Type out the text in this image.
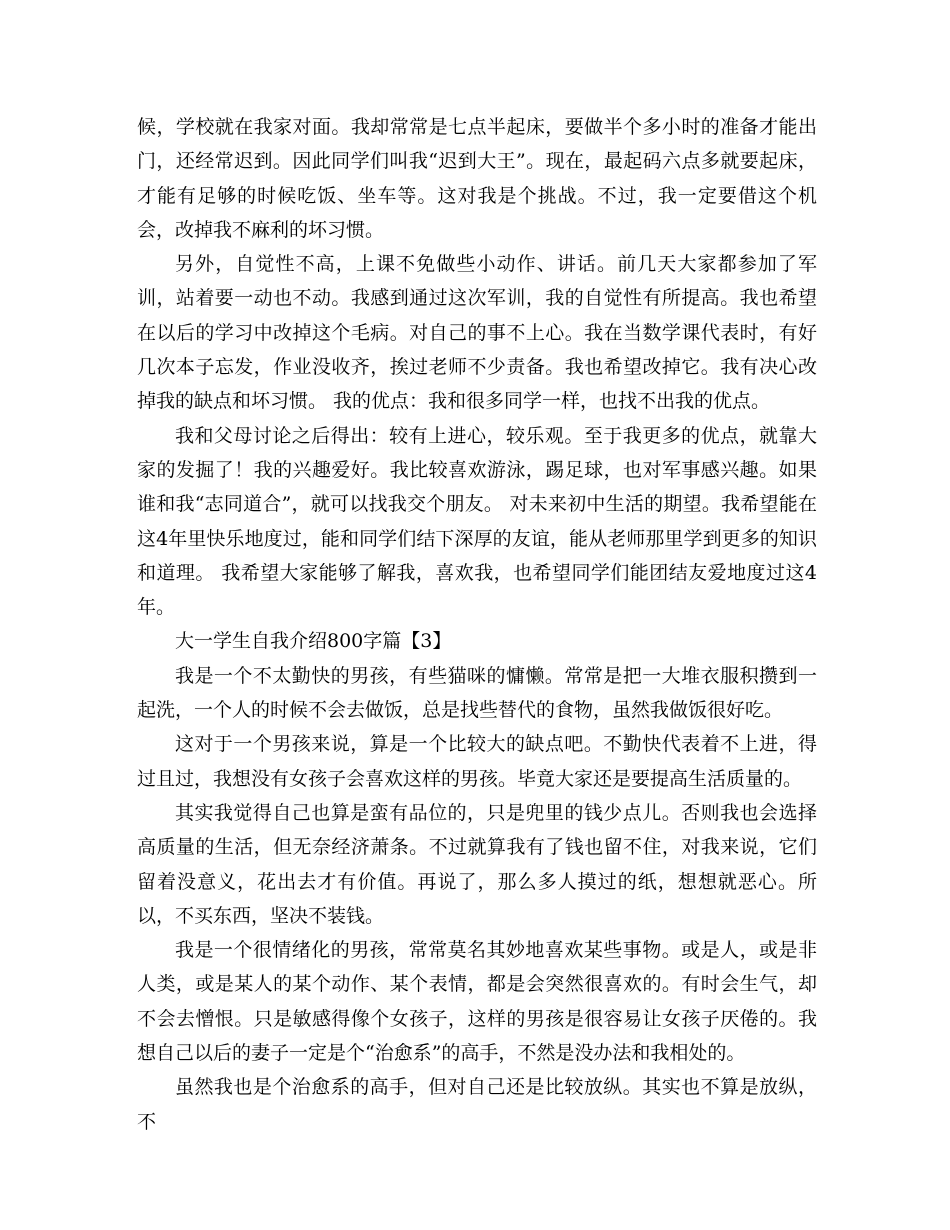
候，学校就在我家对面。我却常常是七点半起床，要做半个多小时的准备才能出门，还经常迟到。因此同学们叫我“迟到大王”。现在，最起码六点多就要起床，才能有足够的时候吃饭、坐车等。这对我是个挑战。不过，我一定要借这个机会，改掉我不麻利的坏习惯。

另外，自觉性不高，上课不免做些小动作、讲话。前几天大家都参加了军训，站着要一动也不动。我感到通过这次军训，我的自觉性有所提高。我也希望在以后的学习中改掉这个毛病。对自己的事不上心。我在当数学课代表时，有好几次本子忘发，作业没收齐，挨过老师不少责备。我也希望改掉它。我有决心改掉我的缺点和坏习惯。 我的优点：我和很多同学一样，也找不出我的优点。

我和父母讨论之后得出：较有上进心，较乐观。至于我更多的优点，就靠大家的发掘了！我的兴趣爱好。我比较喜欢游泳，踢足球，也对军事感兴趣。如果谁和我“志同道合”，就可以找我交个朋友。 对未来初中生活的期望。我希望能在这4年里快乐地度过，能和同学们结下深厚的友谊，能从老师那里学到更多的知识和道理。 我希望大家能够了解我，喜欢我，也希望同学们能团结友爱地度过这4年。

大一学生自我介绍800字篇【3】

我是一个不太勤快的男孩，有些猫咪的慵懒。常常是把一大堆衣服积攒到一起洗，一个人的时候不会去做饭，总是找些替代的食物，虽然我做饭很好吃。

这对于一个男孩来说，算是一个比较大的缺点吧。不勤快代表着不上进，得过且过，我想没有女孩子会喜欢这样的男孩。毕竟大家还是要提高生活质量的。

其实我觉得自己也算是蛮有品位的，只是兜里的钱少点儿。否则我也会选择高质量的生活，但无奈经济萧条。不过就算我有了钱也留不住，对我来说，它们留着没意义，花出去才有价值。再说了，那么多人摸过的纸，想想就恶心。所以，不买东西，坚决不装钱。

我是一个很情绪化的男孩，常常莫名其妙地喜欢某些事物。或是人，或是非人类，或是某人的某个动作、某个表情，都是会突然很喜欢的。有时会生气，却不会去憎恨。只是敏感得像个女孩子，这样的男孩是很容易让女孩子厌倦的。我想自己以后的妻子一定是个“治愈系”的高手，不然是没办法和我相处的。

虽然我也是个治愈系的高手，但对自己还是比较放纵。其实也不算是放纵，不
